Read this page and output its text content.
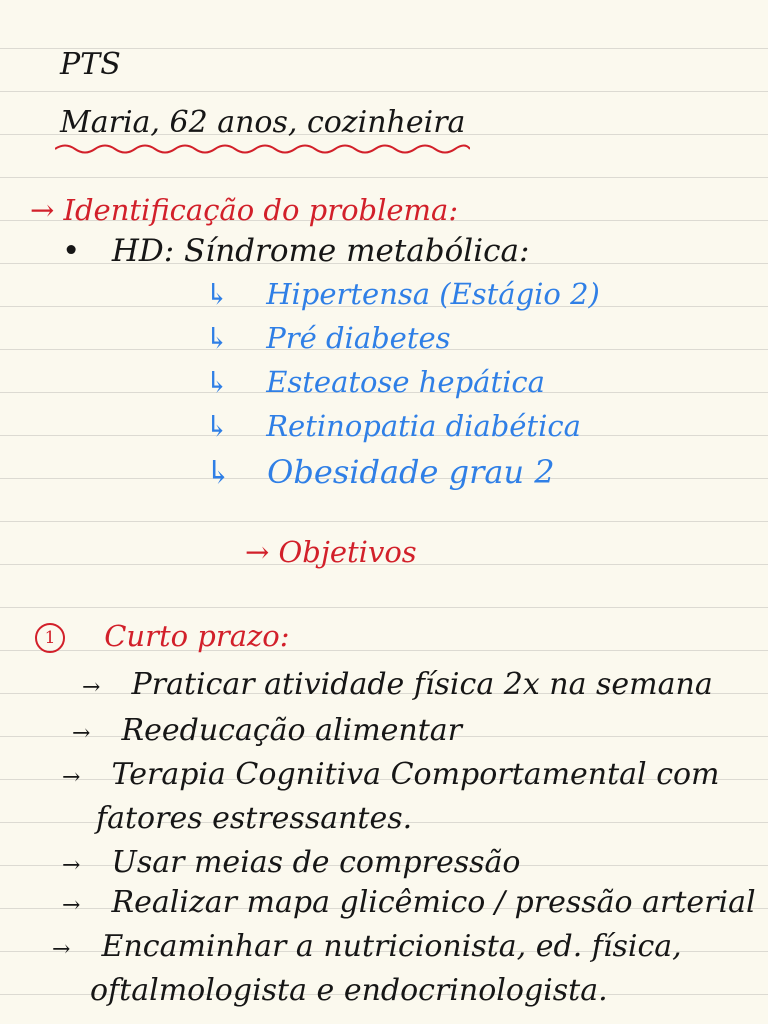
PTS
Maria, 62 anos, cozinheira
→ Identificação do problema:
• HD: Síndrome metabólica:
↳ Hipertensa (Estágio 2)
↳ Pré diabetes
↳ Esteatose hepática
↳ Retinopatia diabética
↳ Obesidade grau 2
→ Objetivos
1 Curto prazo:
→ Praticar atividade física 2x na semana
→ Reeducação alimentar
→ Terapia Cognitiva Comportamental com
fatores estressantes.
→ Usar meias de compressão
→ Realizar mapa glicêmico / pressão arterial
→ Encaminhar a nutricionista, ed. física,
oftalmologista e endocrinologista.
